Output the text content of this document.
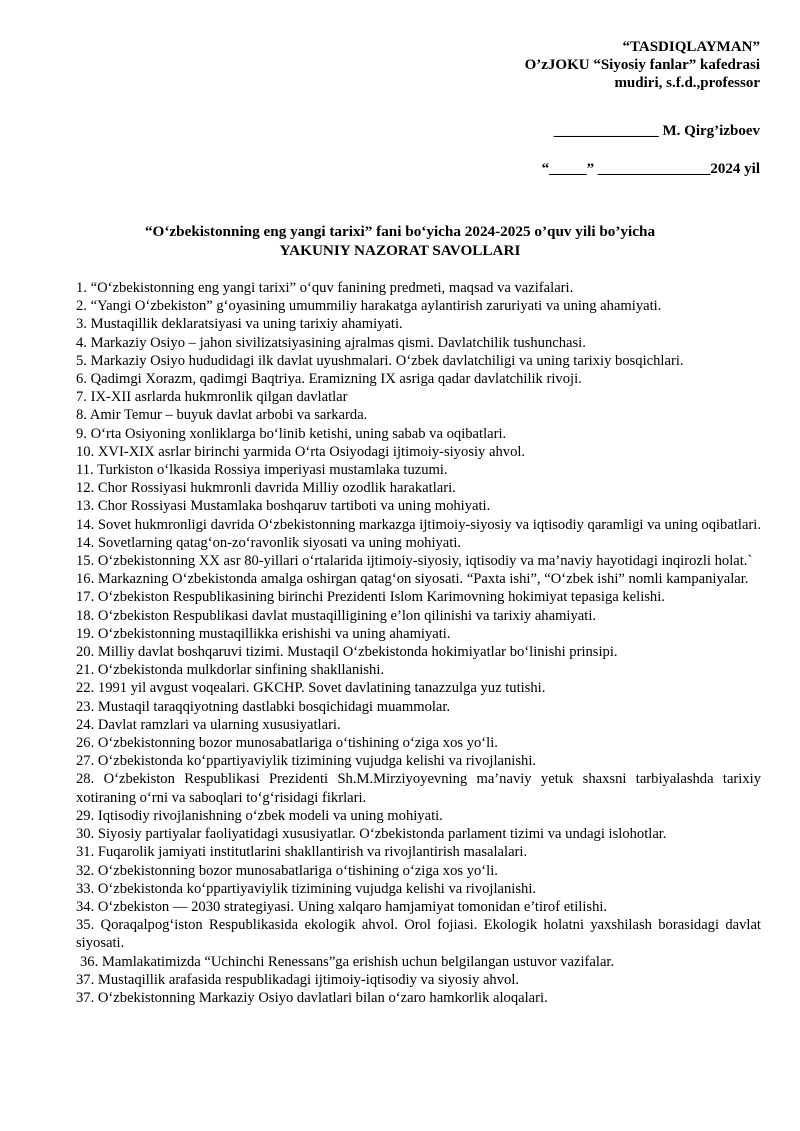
“TASDIQLAYMAN”

O’zJOKU “Siyosiy fanlar” kafedrasi

mudiri, s.f.d.,professor

______________ M. Qirg’izboev

“_____” _______________2024 yil

“O‘zbekistonning eng yangi tarixi” fani bo‘yicha 2024-2025 o’quv yili bo’yicha
YAKUNIY NAZORAT SAVOLLARI

1. “O‘zbekistonning eng yangi tarixi” o‘quv fanining predmeti, maqsad va vazifalari.

2. “Yangi O‘zbekiston” g‘oyasining umummiliy harakatga aylantirish zaruriyati va uning ahamiyati.

3. Mustaqillik deklaratsiyasi va uning tarixiy ahamiyati.

4. Markaziy Osiyo – jahon sivilizatsiyasining ajralmas qismi. Davlatchilik tushunchasi.

5. Markaziy Osiyo hududidagi ilk davlat uyushmalari. O‘zbek davlatchiligi va uning tarixiy bosqichlari.

6. Qadimgi Xorazm, qadimgi Baqtriya. Eramizning IX asriga qadar davlatchilik rivoji.

7. IX-XII asrlarda hukmronlik qilgan davlatlar

8. Amir Temur – buyuk davlat arbobi va sarkarda.

9. O‘rta Osiyoning xonliklarga bo‘linib ketishi, uning sabab va oqibatlari.

10. XVI-XIX asrlar birinchi yarmida O‘rta Osiyodagi ijtimoiy-siyosiy ahvol.

11. Turkiston o‘lkasida Rossiya imperiyasi mustamlaka tuzumi.

12. Chor Rossiyasi hukmronli davrida Milliy ozodlik harakatlari.

13. Chor Rossiyasi Mustamlaka boshqaruv tartiboti va uning mohiyati.

14. Sovet hukmronligi davrida O‘zbekistonning markazga ijtimoiy-siyosiy va iqtisodiy qaramligi va uning oqibatlari.

14. Sovetlarning qatag‘on-zo‘ravonlik siyosati va uning mohiyati.

15. O‘zbekistonning XX asr 80-yillari o‘rtalarida ijtimoiy-siyosiy, iqtisodiy va ma’naviy hayotidagi inqirozli holat.`

16. Markazning O‘zbekistonda amalga oshirgan qatag‘on siyosati. “Paxta ishi”, “O‘zbek ishi” nomli kampaniyalar.

17. O‘zbekiston Respublikasining birinchi Prezidenti Islom Karimovning hokimiyat tepasiga kelishi.

18. O‘zbekiston Respublikasi davlat mustaqilligining e’lon qilinishi va tarixiy ahamiyati.

19. O‘zbekistonning mustaqillikka erishishi va uning ahamiyati.

20. Milliy davlat boshqaruvi tizimi. Mustaqil O‘zbekistonda hokimiyatlar bo‘linishi prinsipi.

21. O‘zbekistonda mulkdorlar sinfining shakllanishi.

22. 1991 yil avgust voqealari. GKCHP. Sovet davlatining tanazzulga yuz tutishi.

23. Mustaqil taraqqiyotning dastlabki bosqichidagi muammolar.

24. Davlat ramzlari va ularning xususiyatlari.

26. O‘zbekistonning bozor munosabatlariga o‘tishining o‘ziga xos yo‘li.

27. O‘zbekistonda ko‘ppartiyaviylik tizimining vujudga kelishi va rivojlanishi.

28. O‘zbekiston Respublikasi Prezidenti Sh.M.Mirziyoyevning ma’naviy yetuk shaxsni tarbiyalashda tarixiy xotiraning o‘rni va saboqlari to‘g‘risidagi fikrlari.

29. Iqtisodiy rivojlanishning o‘zbek modeli va uning mohiyati.

30. Siyosiy partiyalar faoliyatidagi xususiyatlar. O‘zbekistonda parlament tizimi va undagi islohotlar.

31. Fuqarolik jamiyati institutlarini shakllantirish va rivojlantirish masalalari.

32. O‘zbekistonning bozor munosabatlariga o‘tishining o‘ziga xos yo‘li.

33. O‘zbekistonda ko‘ppartiyaviylik tizimining vujudga kelishi va rivojlanishi.

34. O‘zbekiston — 2030 strategiyasi. Uning xalqaro hamjamiyat tomonidan e’tirof etilishi.

35. Qoraqalpog‘iston Respublikasida ekologik ahvol. Orol fojiasi. Ekologik holatni yaxshilash borasidagi davlat siyosati.

36. Mamlakatimizda “Uchinchi Renessans”ga erishish uchun belgilangan ustuvor vazifalar.

37. Mustaqillik arafasida respublikadagi ijtimoiy-iqtisodiy va siyosiy ahvol.

37. O‘zbekistonning Markaziy Osiyo davlatlari bilan o‘zaro hamkorlik aloqalari.
